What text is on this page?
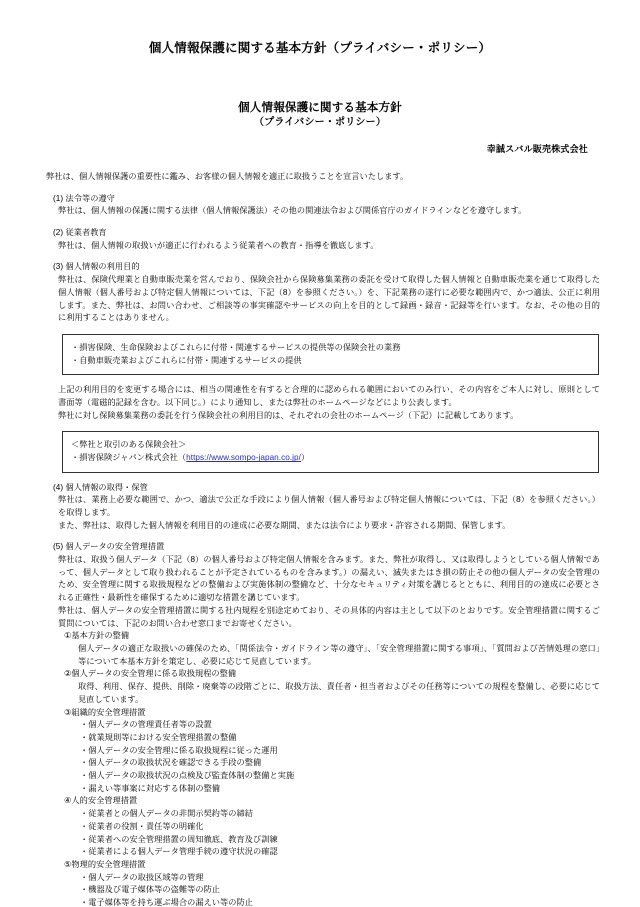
個人情報保護に関する基本方針（プライバシー・ポリシー）
個人情報保護に関する基本方針
（プライバシー・ポリシー）
幸誠スバル販売株式会社

弊社は、個人情報保護の重要性に鑑み、お客様の個人情報を適正に取扱うことを宣言いたします。

(1) 法令等の遵守

弊社は、個人情報の保護に関する法律（個人情報保護法）その他の関連法令および関係官庁のガイドラインなどを遵守します。

(2) 従業者教育

弊社は、個人情報の取扱いが適正に行われるよう従業者への教育・指導を徹底します。

(3) 個人情報の利用目的

弊社は、保険代理業と自動車販売業を営んでおり、保険会社から保険募集業務の委託を受けて取得した個人情報と自動車販売業を通じて取得した個人情報（個人番号および特定個人情報については、下記（8）を参照ください。）を、下記業務の遂行に必要な範囲内で、かつ適法、公正に利用します。また、弊社は、お問い合わせ、ご相談等の事実確認やサービスの向上を目的として録画・録音・記録等を行います。なお、その他の目的に利用することはありません。

・損害保険、生命保険およびこれらに付帯・関連するサービスの提供等の保険会社の業務

・自動車販売業およびこれらに付帯・関連するサービスの提供

上記の利用目的を変更する場合には、相当の関連性を有すると合理的に認められる範囲においてのみ行い、その内容をご本人に対し、原則として書面等（電磁的記録を含む。以下同じ。）により通知し、または弊社のホームページなどにより公表します。

弊社に対し保険募集業務の委託を行う保険会社の利用目的は、それぞれの会社のホームページ（下記）に記載してあります。

＜弊社と取引のある保険会社＞

・損害保険ジャパン株式会社（https://www.sompo-japan.co.jp/）

(4) 個人情報の取得・保管

弊社は、業務上必要な範囲で、かつ、適法で公正な手段により個人情報（個人番号および特定個人情報については、下記（8）を参照ください。）を取得します。

また、弊社は、取得した個人情報を利用目的の達成に必要な期間、または法令により要求・許容される期間、保管します。

(5) 個人データの安全管理措置

弊社は、取扱う個人データ（下記（8）の個人番号および特定個人情報を含みます。また、弊社が取得し、又は取得しようとしている個人情報であって、個人データとして取り扱われることが予定されているものを含みます。）の漏えい、滅失またはき損の防止その他の個人データの安全管理のため、安全管理に関する取扱規程などの整備および実施体制の整備など、十分なセキュリティ対策を講じるとともに、利用目的の達成に必要とされる正確性・最新性を確保するために適切な措置を講じています。

弊社は、個人データの安全管理措置に関する社内規程を別途定めており、その具体的内容は主として以下のとおりです。安全管理措置に関するご質問については、下記のお問い合わせ窓口までお寄せください。

①基本方針の整備

個人データの適正な取扱いの確保のため、「関係法令・ガイドライン等の遵守」、「安全管理措置に関する事項」、「質問および苦情処理の窓口」等について本基本方針を策定し、必要に応じて見直しています。

②個人データの安全管理に係る取扱規程の整備

取得、利用、保存、提供、削除・廃棄等の段階ごとに、取扱方法、責任者・担当者およびその任務等についての規程を整備し、必要に応じて見直しています。

③組織的安全管理措置

・個人データの管理責任者等の設置
・就業規則等における安全管理措置の整備
・個人データの安全管理に係る取扱規程に従った運用
・個人データの取扱状況を確認できる手段の整備
・個人データの取扱状況の点検及び監査体制の整備と実施
・漏えい等事案に対応する体制の整備

④人的安全管理措置

・従業者との個人データの非開示契約等の締結
・従業者の役割・責任等の明確化
・従業者への安全管理措置の周知徹底、教育及び訓練
・従業者による個人データ管理手続の遵守状況の確認

⑤物理的安全管理措置

・個人データの取扱区域等の管理
・機器及び電子媒体等の盗難等の防止
・電子媒体等を持ち運ぶ場合の漏えい等の防止
